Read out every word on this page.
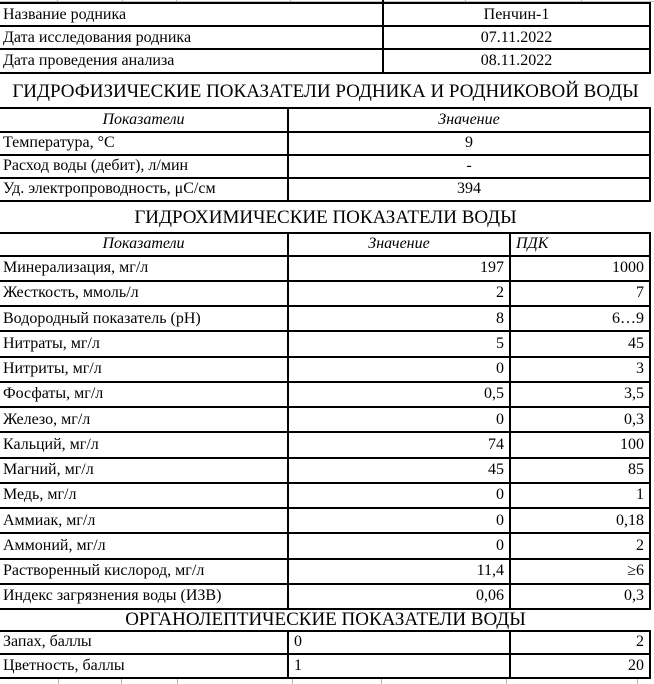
Название родника	Пенчин-1
Дата исследования родника	07.11.2022
Дата проведения анализа	08.11.2022
ГИДРОФИЗИЧЕСКИЕ ПОКАЗАТЕЛИ РОДНИКА И РОДНИКОВОЙ ВОДЫ
Показатели	Значение
Температура, °С	9
Расход воды (дебит), л/мин	-
Уд. электропроводность, μС/см	394
ГИДРОХИМИЧЕСКИЕ ПОКАЗАТЕЛИ ВОДЫ
Показатели	Значение	ПДК
Минерализация, мг/л	197	1000
Жесткость, ммоль/л	2	7
Водородный показатель (pH)	8	6…9
Нитраты, мг/л	5	45
Нитриты, мг/л	0	3
Фосфаты, мг/л	0,5	3,5
Железо, мг/л	0	0,3
Кальций, мг/л	74	100
Магний, мг/л	45	85
Медь, мг/л	0	1
Аммиак, мг/л	0	0,18
Аммоний, мг/л	0	2
Растворенный кислород, мг/л	11,4	≥6
Индекс загрязнения воды (ИЗВ)	0,06	0,3
ОРГАНОЛЕПТИЧЕСКИЕ ПОКАЗАТЕЛИ ВОДЫ
Запах, баллы	0	2
Цветность, баллы	1	20
